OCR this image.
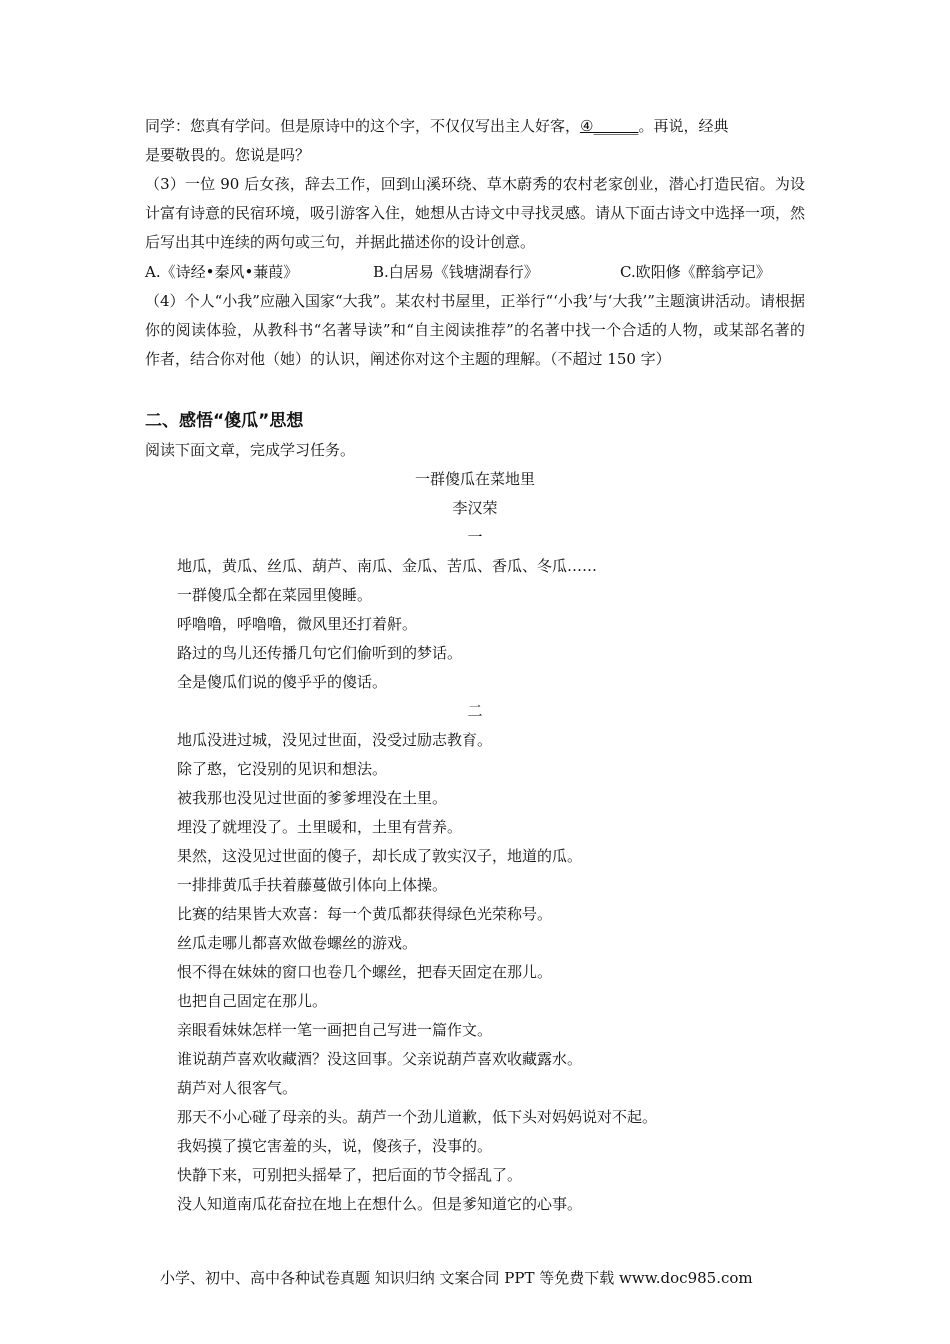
同学：您真有学问。但是原诗中的这个字，不仅仅写出主人好客，④______。再说，经典

是要敬畏的。您说是吗？

（3）一位 90 后女孩，辞去工作，回到山溪环绕、草木蔚秀的农村老家创业，潜心打造民宿。为设计富有诗意的民宿环境，吸引游客入住，她想从古诗文中寻找灵感。请从下面古诗文中选择一项，然后写出其中连续的两句或三句，并据此描述你的设计创意。

A.《诗经•秦风•蒹葭》	B.白居易《钱塘湖春行》	C.欧阳修《醉翁亭记》

（4）个人“小我”应融入国家“大我”。某农村书屋里，正举行“‘小我’与‘大我’”主题演讲活动。请根据你的阅读体验，从教科书“名著导读”和“自主阅读推荐”的名著中找一个合适的人物，或某部名著的作者，结合你对他（她）的认识，阐述你对这个主题的理解。（不超过 150 字）

二、感悟“傻瓜”思想

阅读下面文章，完成学习任务。

一群傻瓜在菜地里
李汉荣
一
地瓜，黄瓜、丝瓜、葫芦、南瓜、金瓜、苦瓜、香瓜、冬瓜……
一群傻瓜全都在菜园里傻睡。
呼噜噜，呼噜噜，微风里还打着鼾。
路过的鸟儿还传播几句它们偷听到的梦话。
全是傻瓜们说的傻乎乎的傻话。
二
地瓜没进过城，没见过世面，没受过励志教育。
除了憨，它没别的见识和想法。
被我那也没见过世面的爹爹埋没在土里。
埋没了就埋没了。土里暖和，土里有营养。
果然，这没见过世面的傻子，却长成了敦实汉子，地道的瓜。
一排排黄瓜手扶着藤蔓做引体向上体操。
比赛的结果皆大欢喜：每一个黄瓜都获得绿色光荣称号。
丝瓜走哪儿都喜欢做卷螺丝的游戏。
恨不得在妹妹的窗口也卷几个螺丝，把春天固定在那儿。
也把自己固定在那儿。
亲眼看妹妹怎样一笔一画把自己写进一篇作文。
谁说葫芦喜欢收藏酒？没这回事。父亲说葫芦喜欢收藏露水。
葫芦对人很客气。
那天不小心碰了母亲的头。葫芦一个劲儿道歉，低下头对妈妈说对不起。
我妈摸了摸它害羞的头，说，傻孩子，没事的。
快静下来，可别把头摇晕了，把后面的节令摇乱了。
没人知道南瓜花奋拉在地上在想什么。但是爹知道它的心事。
小学、初中、高中各种试卷真题 知识归纳 文案合同 PPT 等免费下载 www.doc985.com
